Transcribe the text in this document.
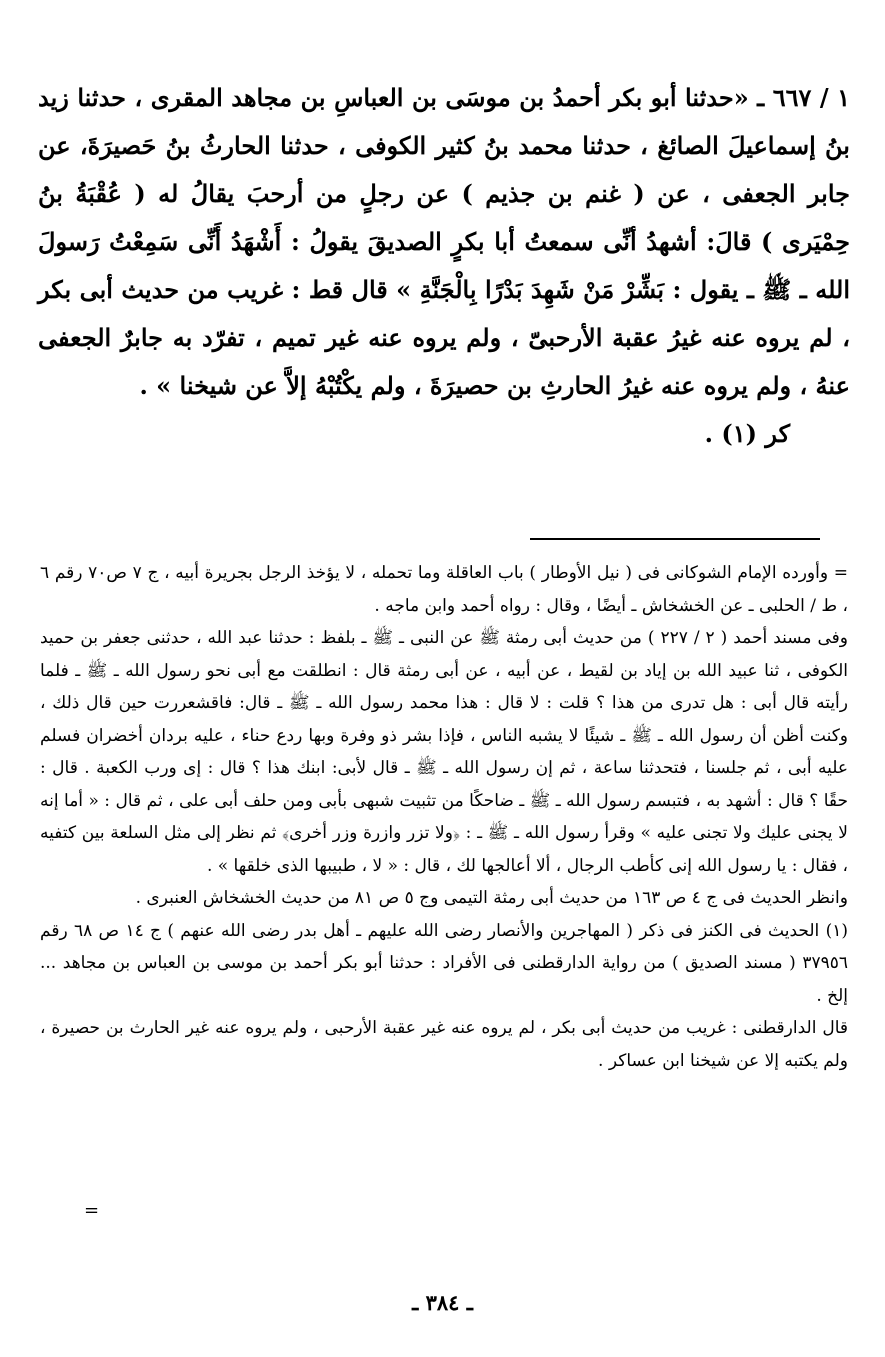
١ / ٦٦٧ ـ «حدثنا أبو بكر أحمدُ بن موسَى بن العباسِ بن مجاهد المقرى ، حدثنا زيد بنُ إسماعيلَ الصائغ ، حدثنا محمد بنُ كثير الكوفى ، حدثنا الحارثُ بنُ حَصيرَةَ، عن جابر الجعفى ، عن ( غنم بن جذيم ) عن رجلٍ من أرحبَ يقالُ له ( عُقْبَةُ بنُ حِمْيَرى ) قالَ: أشهدُ أنِّى سمعتُ أبا بكرٍ الصديقَ يقولُ : أَشْهَدُ أَنِّى سَمِعْتُ رَسولَ الله ـ ﷺ ـ يقول : بَشِّرْ مَنْ شَهِدَ بَدْرًا بِالْجَنَّةِ » قال قط : غريب من حديث أبى بكر ، لم يروه عنه غيرُ عقبة الأرحبىّ ، ولم يروه عنه غير تميم ، تفرّد به جابرٌ الجعفى عنهُ ، ولم يروه عنه غيرُ الحارثِ بن حصيرَةَ ، ولم يكْتُبْهُ إلاَّ عن شيخنا » .

كر (١) .

= وأورده الإمام الشوكانى فى ( نيل الأوطار ) باب العاقلة وما تحمله ، لا يؤخذ الرجل بجريرة أبيه ، ج ٧ ص٧٠ رقم ٦ ، ط / الحلبى ـ عن الخشخاش ـ أيضًا ، وقال : رواه أحمد وابن ماجه .

وفى مسند أحمد ( ٢ / ٢٢٧ ) من حديث أبى رمثة ﷺ عن النبى ـ ﷺ ـ بلفظ : حدثنا عبد الله ، حدثنى جعفر بن حميد الكوفى ، ثنا عبيد الله بن إياد بن لقيط ، عن أبيه ، عن أبى رمثة قال : انطلقت مع أبى نحو رسول الله ـ ﷺ ـ فلما رأيته قال أبى : هل تدرى من هذا ؟ قلت : لا قال : هذا محمد رسول الله ـ ﷺ ـ قال: فاقشعررت حين قال ذلك ، وكنت أظن أن رسول الله ـ ﷺ ـ شيئًا لا يشبه الناس ، فإذا بشر ذو وفرة وبها ردع حناء ، عليه بردان أخضران فسلم عليه أبى ، ثم جلسنا ، فتحدثنا ساعة ، ثم إن رسول الله ـ ﷺ ـ قال لأبى: ابنك هذا ؟ قال : إى ورب الكعبة . قال : حقًا ؟ قال : أشهد به ، فتبسم رسول الله ـ ﷺ ـ ضاحكًا من تثبيت شبهى بأبى ومن حلف أبى على ، ثم قال : « أما إنه لا يجنى عليك ولا تجنى عليه » وقرأ رسول الله ـ ﷺ ـ : ﴿ولا تزر وازرة وزر أخرى﴾ ثم نظر إلى مثل السلعة بين كتفيه ، فقال : يا رسول الله إنى كأطب الرجال ، ألا أعالجها لك ، قال : « لا ، طبيبها الذى خلقها » .

وانظر الحديث فى ج ٤ ص ١٦٣ من حديث أبى رمثة التيمى وج ٥ ص ٨١ من حديث الخشخاش العنبرى .

(١) الحديث فى الكنز فى ذكر ( المهاجرين والأنصار رضى الله عليهم ـ أهل بدر رضى الله عنهم ) ج ١٤ ص ٦٨ رقم ٣٧٩٥٦ ( مسند الصديق ) من رواية الدارقطنى فى الأفراد : حدثنا أبو بكر أحمد بن موسى بن العباس بن مجاهد ... إلخ .

قال الدارقطنى : غريب من حديث أبى بكر ، لم يروه عنه غير عقبة الأرحبى ، ولم يروه عنه غير الحارث بن حصيرة ، ولم يكتبه إلا عن شيخنا ابن عساكر .

=
ـ ٣٨٤ ـ
